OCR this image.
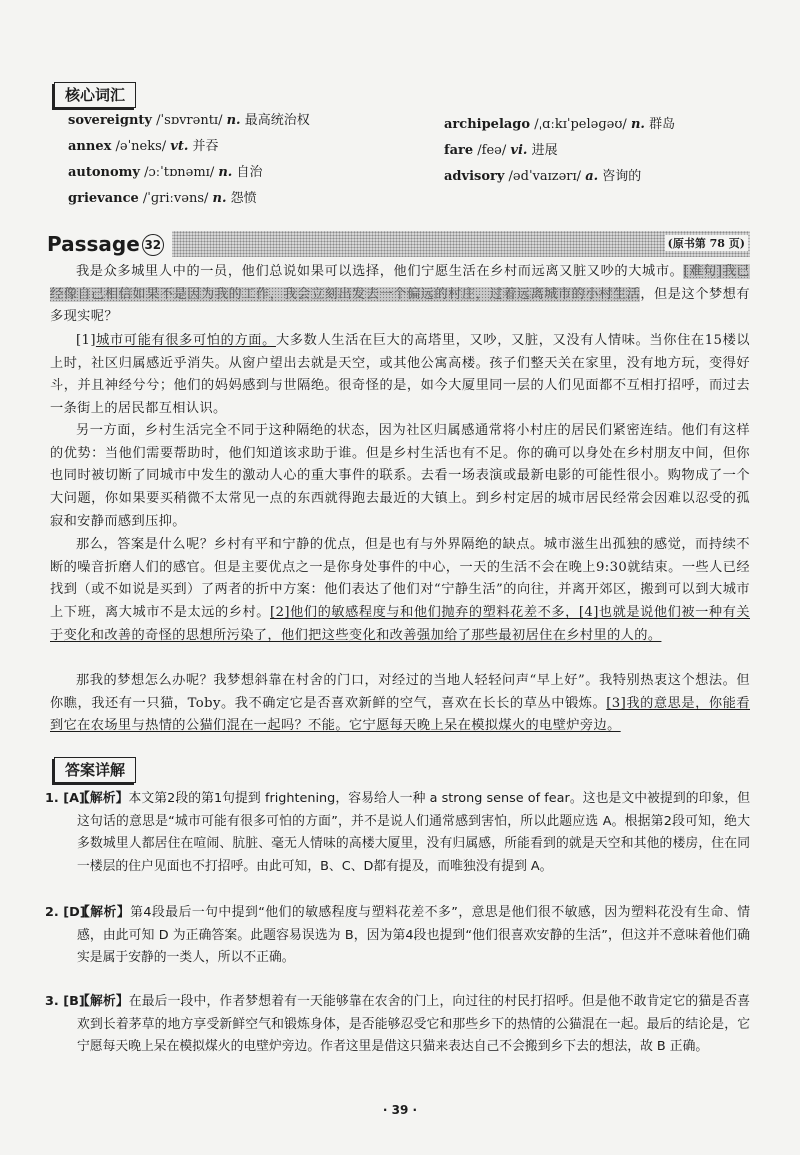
核心词汇
sovereignty /ˈsɒvrəntɪ/ n. 最高统治权
annex /əˈneks/ vt. 并吞
autonomy /ɔːˈtɒnəmɪ/ n. 自治
grievance /ˈɡriːvəns/ n. 怨愤
archipelago /ˌɑːkɪˈpeləɡəʊ/ n. 群岛
fare /feə/ vi. 进展
advisory /ədˈvaɪzərɪ/ a. 咨询的
Passage 32	(原书第 78 页)
我是众多城里人中的一员，他们总说如果可以选择，他们宁愿生活在乡村而远离又脏又吵的大城市。[难句]我已经像自己相信如果不是因为我的工作，我会立刻出发去一个偏远的村庄，过着远离城市的小村生活，但是这个梦想有多现实呢？
[1]城市可能有很多可怕的方面。大多数人生活在巨大的高塔里，又吵，又脏，又没有人情味。当你住在15楼以上时，社区归属感近乎消失。从窗户望出去就是天空，或其他公寓高楼。孩子们整天关在家里，没有地方玩，变得好斗，并且神经兮兮；他们的妈妈感到与世隔绝。很奇怪的是，如今大厦里同一层的人们见面都不互相打招呼，而过去一条街上的居民都互相认识。
另一方面，乡村生活完全不同于这种隔绝的状态，因为社区归属感通常将小村庄的居民们紧密连结。他们有这样的优势：当他们需要帮助时，他们知道该求助于谁。但是乡村生活也有不足。你的确可以身处在乡村朋友中间，但你也同时被切断了同城市中发生的激动人心的重大事件的联系。去看一场表演或最新电影的可能性很小。购物成了一个大问题，你如果要买稍微不太常见一点的东西就得跑去最近的大镇上。到乡村定居的城市居民经常会因难以忍受的孤寂和安静而感到压抑。
那么，答案是什么呢？乡村有平和宁静的优点，但是也有与外界隔绝的缺点。城市滋生出孤独的感觉，而持续不断的噪音折磨人们的感官。但是主要优点之一是你身处事件的中心，一天的生活不会在晚上9:30就结束。一些人已经找到（或不如说是买到）了两者的折中方案：他们表达了他们对“宁静生活”的向往，并离开郊区，搬到可以到大城市上下班，离大城市不是太远的乡村。[2]他们的敏感程度与和他们抛弃的塑料花差不多，[4]也就是说他们被一种有关于变化和改善的奇怪的思想所污染了，他们把这些变化和改善强加给了那些最初居住在乡村里的人的。
那我的梦想怎么办呢？我梦想斜靠在村舍的门口，对经过的当地人轻轻问声“早上好”。我特别热衷这个想法。但你瞧，我还有一只猫，Toby。我不确定它是否喜欢新鲜的空气，喜欢在长长的草丛中锻炼。[3]我的意思是，你能看到它在农场里与热情的公猫们混在一起吗？不能。它宁愿每天晚上呆在模拟煤火的电壁炉旁边。
答案详解
1. [A]
【解析】本文第2段的第1句提到 frightening，容易给人一种 a strong sense of fear。这也是文中被提到的印象，但这句话的意思是“城市可能有很多可怕的方面”，并不是说人们通常感到害怕，所以此题应选 A。根据第2段可知，绝大多数城里人都居住在喧闹、肮脏、毫无人情味的高楼大厦里，没有归属感，所能看到的就是天空和其他的楼房，住在同一楼层的住户见面也不打招呼。由此可知，B、C、D都有提及，而唯独没有提到 A。
2. [D]
【解析】第4段最后一句中提到“他们的敏感程度与塑料花差不多”，意思是他们很不敏感，因为塑料花没有生命、情感，由此可知 D 为正确答案。此题容易误选为 B，因为第4段也提到“他们很喜欢安静的生活”，但这并不意味着他们确实是属于安静的一类人，所以不正确。
3. [B]
【解析】在最后一段中，作者梦想着有一天能够靠在农舍的门上，向过往的村民打招呼。但是他不敢肯定它的猫是否喜欢到长着茅草的地方享受新鲜空气和锻炼身体，是否能够忍受它和那些乡下的热情的公猫混在一起。最后的结论是，它宁愿每天晚上呆在模拟煤火的电壁炉旁边。作者这里是借这只猫来表达自己不会搬到乡下去的想法，故 B 正确。
· 39 ·
